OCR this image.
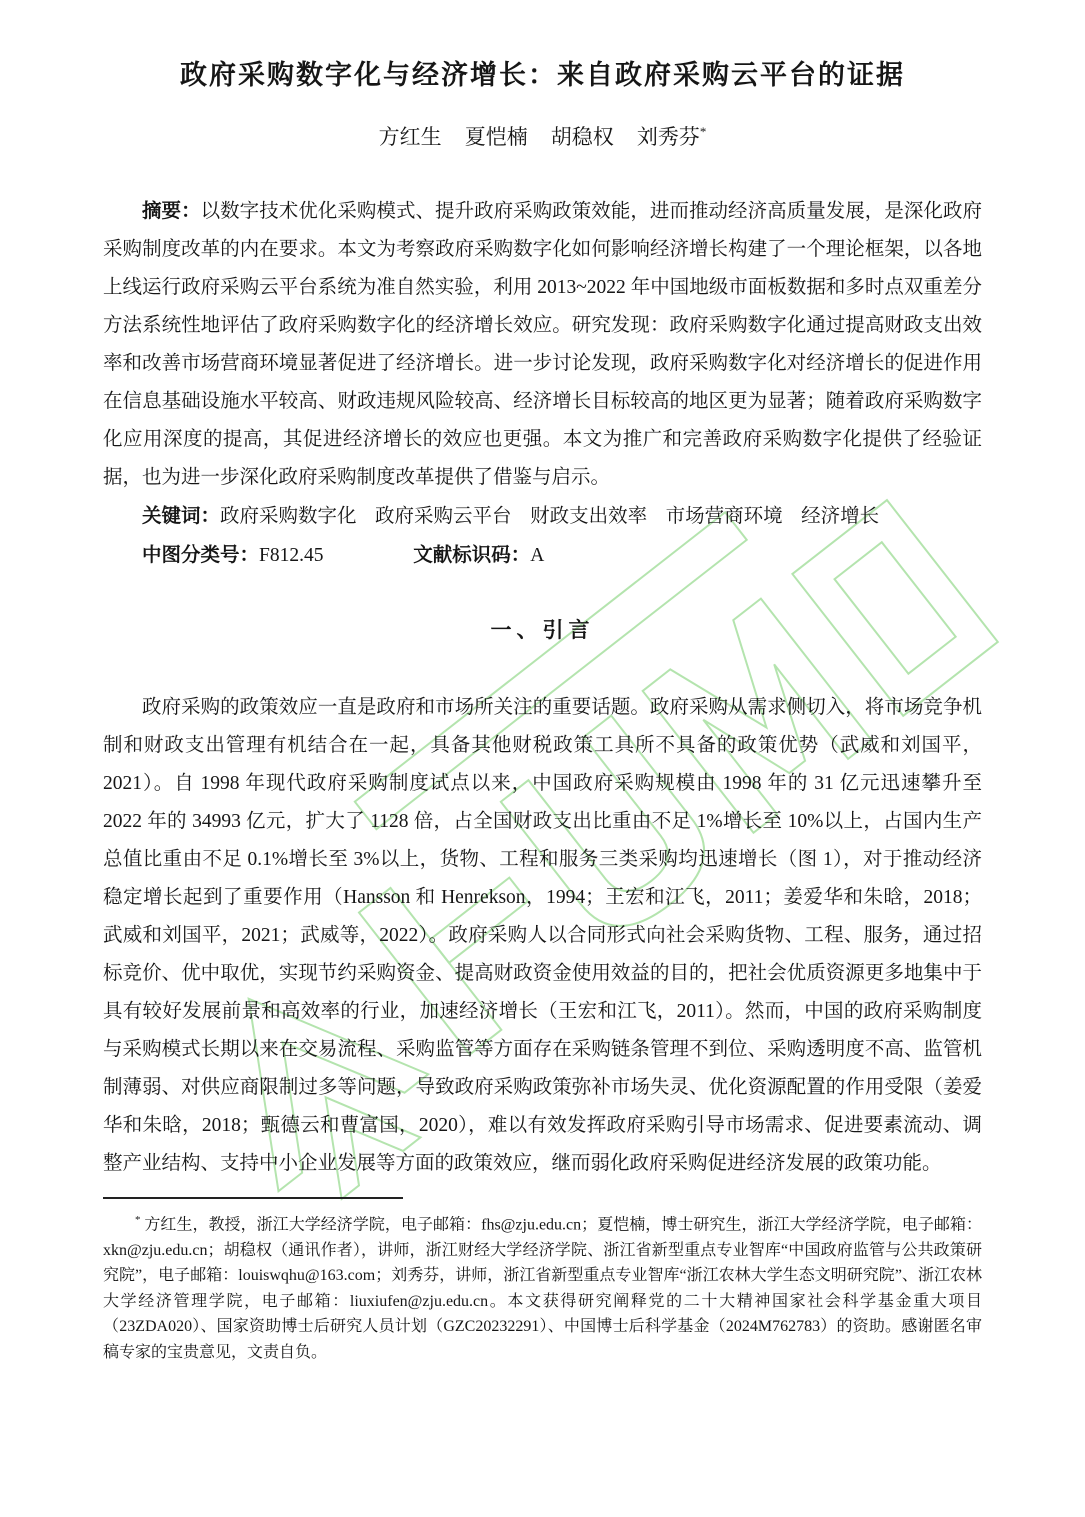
政府采购数字化与经济增长：来自政府采购云平台的证据
方红生 夏恺楠 胡稳权 刘秀芬*

摘要：以数字技术优化采购模式、提升政府采购政策效能，进而推动经济高质量发展，是深化政府采购制度改革的内在要求。本文为考察政府采购数字化如何影响经济增长构建了一个理论框架，以各地上线运行政府采购云平台系统为准自然实验，利用 2013~2022 年中国地级市面板数据和多时点双重差分方法系统性地评估了政府采购数字化的经济增长效应。研究发现：政府采购数字化通过提高财政支出效率和改善市场营商环境显著促进了经济增长。进一步讨论发现，政府采购数字化对经济增长的促进作用在信息基础设施水平较高、财政违规风险较高、经济增长目标较高的地区更为显著；随着政府采购数字化应用深度的提高，其促进经济增长的效应也更强。本文为推广和完善政府采购数字化提供了经验证据，也为进一步深化政府采购制度改革提供了借鉴与启示。

关键词：政府采购数字化 政府采购云平台 财政支出效率 市场营商环境 经济增长

中图分类号：F812.45	文献标识码：A

一、引言

政府采购的政策效应一直是政府和市场所关注的重要话题。政府采购从需求侧切入，将市场竞争机制和财政支出管理有机结合在一起，具备其他财税政策工具所不具备的政策优势（武威和刘国平，2021）。自 1998 年现代政府采购制度试点以来，中国政府采购规模由 1998 年的 31 亿元迅速攀升至 2022 年的 34993 亿元，扩大了 1128 倍，占全国财政支出比重由不足 1%增长至 10%以上，占国内生产总值比重由不足 0.1%增长至 3%以上，货物、工程和服务三类采购均迅速增长（图 1），对于推动经济稳定增长起到了重要作用（Hansson 和 Henrekson，1994；王宏和江飞，2011；姜爱华和朱晗，2018；武威和刘国平，2021；武威等，2022）。政府采购人以合同形式向社会采购货物、工程、服务，通过招标竞价、优中取优，实现节约采购资金、提高财政资金使用效益的目的，把社会优质资源更多地集中于具有较好发展前景和高效率的行业，加速经济增长（王宏和江飞，2011）。然而，中国的政府采购制度与采购模式长期以来在交易流程、采购监管等方面存在采购链条管理不到位、采购透明度不高、监管机制薄弱、对供应商限制过多等问题，导致政府采购政策弥补市场失灵、优化资源配置的作用受限（姜爱华和朱晗，2018；甄德云和曹富国，2020），难以有效发挥政府采购引导市场需求、促进要素流动、调整产业结构、支持中小企业发展等方面的政策效应，继而弱化政府采购促进经济发展的政策功能。

* 方红生，教授，浙江大学经济学院，电子邮箱：fhs@zju.edu.cn；夏恺楠，博士研究生，浙江大学经济学院，电子邮箱：xkn@zju.edu.cn；胡稳权（通讯作者），讲师，浙江财经大学经济学院、浙江省新型重点专业智库“中国政府监管与公共政策研究院”，电子邮箱：louiswqhu@163.com；刘秀芬，讲师，浙江省新型重点专业智库“浙江农林大学生态文明研究院”、浙江农林大学经济管理学院，电子邮箱：liuxiufen@zju.edu.cn。本文获得研究阐释党的二十大精神国家社会科学基金重大项目（23ZDA020）、国家资助博士后研究人员计划（GZC20232291）、中国博士后科学基金（2024M762783）的资助。感谢匿名审稿专家的宝贵意见，文责自负。
